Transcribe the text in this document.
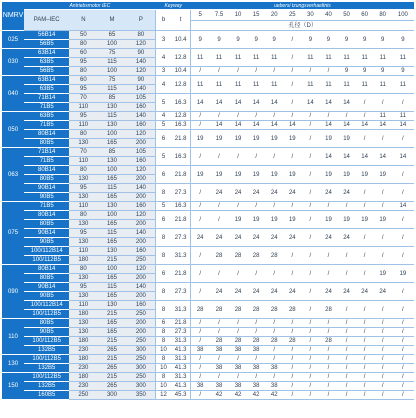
NMRV	Antriebsmotor IEC				Keyway		uebersi tzungsverhaeltnis											
	PAM–IEC	N	M	P	b	t	5	7.5	10	15	20	25	30	40	50	60	80	100
							孔径（D）											
025	56B14	50	65	80	3	10.4	9	9	9	9	9	/	9	9	9	9	9	9
	56B5	80	100	120														
030	63B14	60	75	90	4	12.8	11	11	11	11	11	/	11	11	11	11	11	11
	63B5	95	115	140														
	56B5	80	100	120	3	10.4	/	/	/	/	/	/	/	/	9	9	9	9
040	63B14	60	75	90	4	12.8	11	11	11	11	11	/	11	11	11	11	11	11
	63B5	95	115	140														
	71B14	70	85	105	5	16.3	14	14	14	14	14	/	14	14	14	/	/	/
	71B5	110	130	160														
050	63B5	95	115	140	4	12.8	/	/	/	/	/	/	/	/	/	/	11	11
	71B5	110	130	160	5	16.3	/	14	14	14	14	14	/	14	14	14	14	14
	80B14	80	100	120	6	21.8	19	19	19	19	19	19	/	19	19	/	/	/
	80B5	130	165	200														
063	71B14	70	85	105	5	16.3	/	/	/	/	/	/	/	14	14	14	14	14
	71B5	110	130	160														
	80B14	80	100	120	6	21.8	19	19	19	19	19	19	/	19	19	19	19	/
	80B5	130	165	200														
	90B14	95	115	140	8	27.3	/	24	24	24	24	24	/	24	24	/	/	/
	90B5	130	165	200														
075	71B5	110	130	160	5	16.3	/	/	/	/	/	/	/	/	/	/	/	14
	80B14	80	100	120	6	21.8	/	/	19	19	19	19	/	19	19	19	19	/
	80B5	130	165	200														
	90B14	95	115	140	8	27.3	24	24	24	24	24	24	/	24	24	/	/	/
	90B5	130	165	200														
	100/112B14	110	130	160	8	31.3	/	28	28	28	28	/	/	/	/	/	/	/
	100/112B5	180	215	250														
090	80B14	80	100	120	6	21.8	/	/	/	/	/	/	/	/	/	/	19	19
	80B5	130	165	200														
	90B14	95	115	140	8	27.3	/	24	24	24	24	24	/	24	24	24	24	/
	90B5	130	165	200														
	100/112B14	110	130	160	8	31.3	28	28	28	28	28	28	/	28	/	/	/	/
	100/112B5	180	215	250														
110	80B5	130	165	200	6	21.8	/	/	/	/	/	/	/	/	/	/	/	/
	90B5	130	165	200	8	27.3	/	/	/	/	/	/	/	/	/	/	/	/
	100/112B5	180	215	250	8	31.3	/	28	28	28	28	28	/	28	/	/	/	/
	132B5	230	265	300	10	41.3	38	38	38	38	/	/	/	/	/	/	/	/
130	100/112B5	180	215	250	8	31.3	/	/	/	/	/	/	/	/	/	/	/	/
	132B5	230	265	300	10	41.3	/	38	38	38	38	/	/	/	/	/	/	/
150	100/112B5	180	215	250	8	31.3	/	/	/	/	/	/	/	/	/	/	/	/
	132B5	230	265	300	10	41.3	38	38	38	38	38	/	/	/	/	/	/	/
	160B5	250	300	350	12	45.3	/	42	42	42	42	/	/	/	/	/	/	/
